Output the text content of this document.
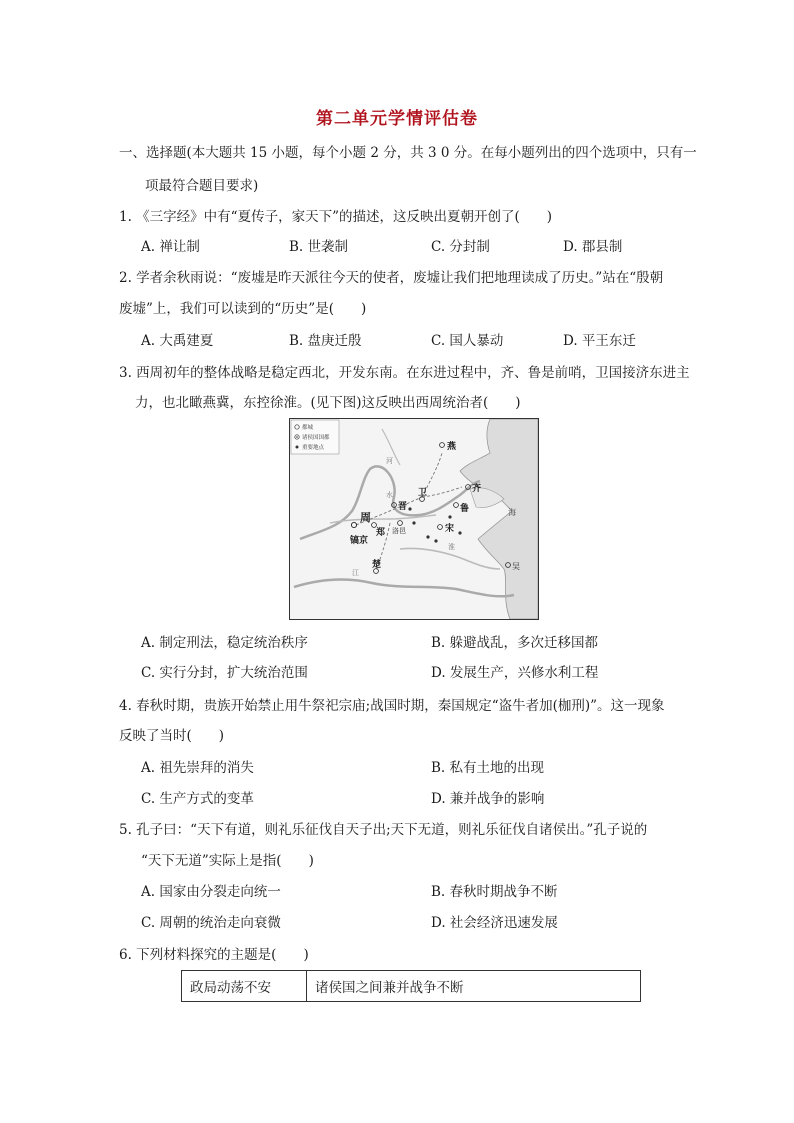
第二单元学情评估卷
一、选择题(本大题共 15 小题，每个小题 2 分，共 3 0 分。在每小题列出的四个选项中，只有一
项最符合题目要求)
1. 《三字经》中有“夏传子，家天下”的描述，这反映出夏朝开创了(　　)
A. 禅让制	B. 世袭制	C. 分封制	D. 郡县制
2. 学者余秋雨说：“废墟是昨天派往今天的使者，废墟让我们把地理读成了历史。”站在“殷朝
废墟”上，我们可以读到的“历史”是(　　)
A. 大禹建夏	B. 盘庚迁殷	C. 国人暴动	D. 平王东迁
3. 西周初年的整体战略是稳定西北，开发东南。在东进过程中，齐、鲁是前哨，卫国接济东进主
力，也北瞰燕冀，东控徐淮。(见下图)这反映出西周统治者(　　)
都城
诸侯国国都
重要地点	燕
齐
鲁
宋
卫
晋
周
郑 洛邑
镐京
楚	吴
海
河
水
江
淮
A. 制定刑法，稳定统治秩序	B. 躲避战乱，多次迁移国都
C. 实行分封，扩大统治范围	D. 发展生产，兴修水利工程
4. 春秋时期，贵族开始禁止用牛祭祀宗庙;战国时期，秦国规定“盗牛者加(枷刑)”。这一现象
反映了当时(　　)
A. 祖先崇拜的消失	B. 私有土地的出现
C. 生产方式的变革	D. 兼并战争的影响
5. 孔子曰：“天下有道，则礼乐征伐自天子出;天下无道，则礼乐征伐自诸侯出。”孔子说的
“天下无道”实际上是指(　　)
A. 国家由分裂走向统一	B. 春秋时期战争不断
C. 周朝的统治走向衰微	D. 社会经济迅速发展
6. 下列材料探究的主题是(　　)
政局动荡不安	诸侯国之间兼并战争不断
